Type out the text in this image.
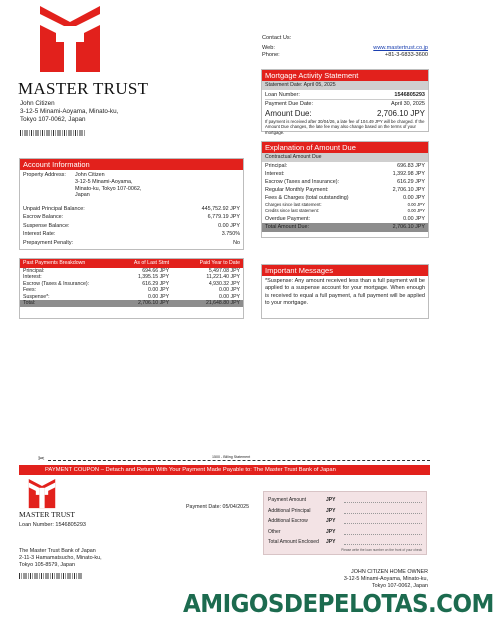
MASTER TRUST
John Citizen
3-12-5 Minami-Aoyama, Minato-ku,
Tokyo 107-0062, Japan
Contact Us:
Web:	www.mastertrust.co.jp
Phone:	+81-3-6833-3600
Mortgage Activity Statement
Statement Date: April 05, 2025
Loan Number:	1546805293
Payment Due Date:	April 30, 2025
Amount Due:	2,706.10 JPY
If payment is received after 30/04/26, a late fee of 104.49 JPY will be charged. If the Amount Due changes, the late fee may also change based on the terms of your mortgage.
Account Information
Property Address:	John Citizen
3-12-5 Minami-Aoyama,
Minato-ku, Tokyo 107-0062,
Japan
Unpaid Principal Balance:	445,752.92 JPY
Escrow Balance:	6,779.19 JPY
Suspense Balance:	0.00 JPY
Interest Rate:	3.750%
Prepayment Penalty:	No
Explanation of Amount Due
Contractual Amount Due
Principal:	696.83 JPY
Interest:	1,392.98 JPY
Escrow (Taxes and Insurance):	616.29 JPY
Regular Monthly Payment:	2,706.10 JPY
Fees & Charges (total outstanding)	0.00 JPY
Charges since last statement:	0.00 JPY
Credits since last statement:	0.00 JPY
Overdue Payment:	0.00 JPY
Total Amount Due:	2,706.10 JPY
Past Payments Breakdown	As of Last Stmt	Paid Year to Date
Principal:	694.66 JPY	5,497.08 JPY
Interest:	1,395.15 JPY	11,221.40 JPY
Escrow (Taxes & Insurance):	616.29 JPY	4,930.32 JPY
Fees:	0.00 JPY	0.00 JPY
Suspense*:	0.00 JPY	0.00 JPY
Total:	2,706.10 JPY	21,648.80 JPY
Important Messages
*Suspense: Any amount received less than a full payment will be applied to a suspense account for your mortgage. When enough is received to equal a full payment, a full payment will be applied to your mortgage.
✂	1500 - Billing Statement
PAYMENT COUPON – Detach and Return With Your Payment Made Payable to: The Master Trust Bank of Japan
MASTER TRUST
Loan Number: 1546805293
Payment Date: 05/04/2025
Payment Amount	JPY
Additional Principal	JPY
Additional Escrow	JPY
Other	JPY
Total Amount Enclosed	JPY
Please write the loan number on the front of your check
The Master Trust Bank of Japan
2-11-3 Hamamatsucho, Minato-ku,
Tokyo 105-8579, Japan
JOHN CITIZEN HOME OWNER
3-12-5 Minami-Aoyama, Minato-ku,
Tokyo 107-0062, Japan
AMIGOSDEPELOTAS.COM
